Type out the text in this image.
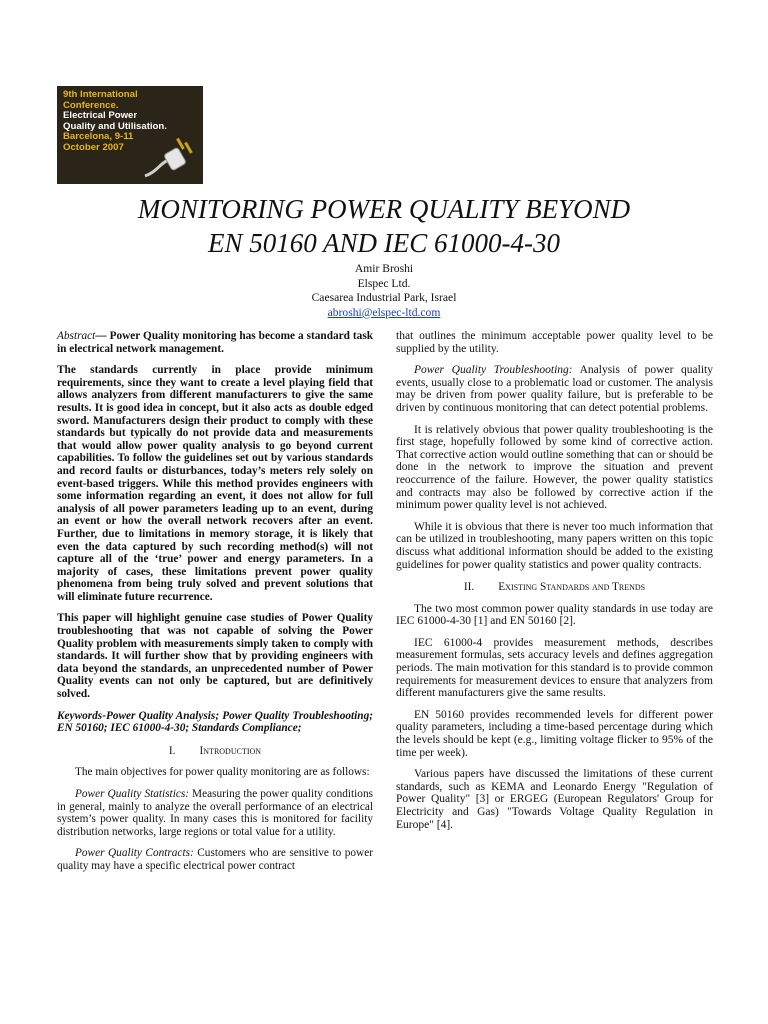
9th International
Conference.
Electrical Power
Quality and Utilisation.
Barcelona, 9-11
October 2007
MONITORING POWER QUALITY BEYOND
EN 50160 AND IEC 61000-4-30
Amir Broshi
Elspec Ltd.
Caesarea Industrial Park, Israel
abroshi@elspec-ltd.com

Abstract— Power Quality monitoring has become a standard task in electrical network management.

The standards currently in place provide minimum requirements, since they want to create a level playing field that allows analyzers from different manufacturers to give the same results. It is good idea in concept, but it also acts as double edged sword. Manufacturers design their product to comply with these standards but typically do not provide data and measurements that would allow power quality analysis to go beyond current capabilities. To follow the guidelines set out by various standards and record faults or disturbances, today’s meters rely solely on event-based triggers. While this method provides engineers with some information regarding an event, it does not allow for full analysis of all power parameters leading up to an event, during an event or how the overall network recovers after an event. Further, due to limitations in memory storage, it is likely that even the data captured by such recording method(s) will not capture all of the ‘true’ power and energy parameters. In a majority of cases, these limitations prevent power quality phenomena from being truly solved and prevent solutions that will eliminate future recurrence.

This paper will highlight genuine case studies of Power Quality troubleshooting that was not capable of solving the Power Quality problem with measurements simply taken to comply with standards. It will further show that by providing engineers with data beyond the standards, an unprecedented number of Power Quality events can not only be captured, but are definitively solved.

Keywords-Power Quality Analysis; Power Quality Troubleshooting; EN 50160; IEC 61000-4-30; Standards Compliance;

I. Introduction

The main objectives for power quality monitoring are as follows:

Power Quality Statistics: Measuring the power quality conditions in general, mainly to analyze the overall performance of an electrical system’s power quality. In many cases this is monitored for facility distribution networks, large regions or total value for a utility.

Power Quality Contracts: Customers who are sensitive to power quality may have a specific electrical power contract

that outlines the minimum acceptable power quality level to be supplied by the utility.

Power Quality Troubleshooting: Analysis of power quality events, usually close to a problematic load or customer. The analysis may be driven from power quality failure, but is preferable to be driven by continuous monitoring that can detect potential problems.

It is relatively obvious that power quality troubleshooting is the first stage, hopefully followed by some kind of corrective action. That corrective action would outline something that can or should be done in the network to improve the situation and prevent reoccurrence of the failure. However, the power quality statistics and contracts may also be followed by corrective action if the minimum power quality level is not achieved.

While it is obvious that there is never too much information that can be utilized in troubleshooting, many papers written on this topic discuss what additional information should be added to the existing guidelines for power quality statistics and power quality contracts.

II. Existing Standards and Trends

The two most common power quality standards in use today are IEC 61000-4-30 [1] and EN 50160 [2].

IEC 61000-4 provides measurement methods, describes measurement formulas, sets accuracy levels and defines aggregation periods. The main motivation for this standard is to provide common requirements for measurement devices to ensure that analyzers from different manufacturers give the same results.

EN 50160 provides recommended levels for different power quality parameters, including a time-based percentage during which the levels should be kept (e.g., limiting voltage flicker to 95% of the time per week).

Various papers have discussed the limitations of these current standards, such as KEMA and Leonardo Energy "Regulation of Power Quality" [3] or ERGEG (European Regulators' Group for Electricity and Gas) "Towards Voltage Quality Regulation in Europe" [4].
